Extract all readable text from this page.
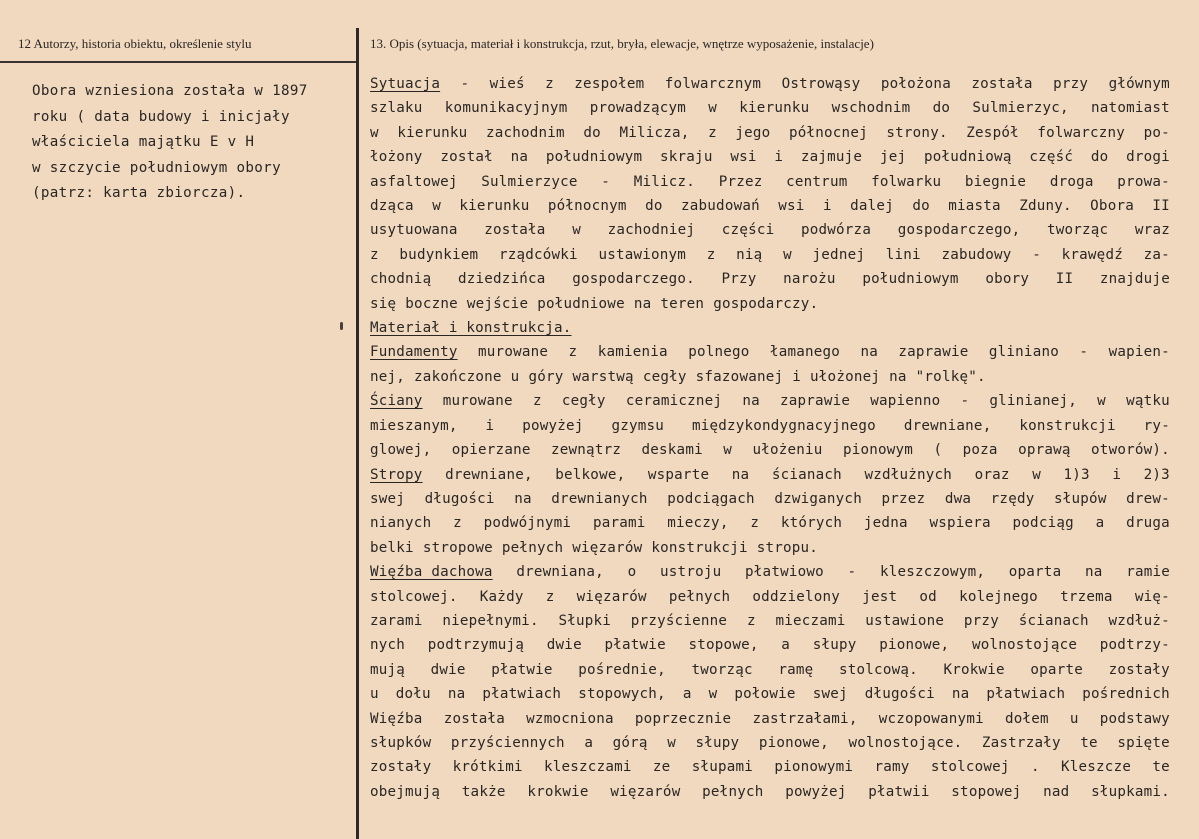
12 Autorzy, historia obiektu, określenie stylu	13. Opis (sytuacja, materiał i konstrukcja, rzut, bryła, elewacje, wnętrze wyposażenie, instalacje)
Obora wzniesiona została w 1897
roku ( data budowy i inicjały
właściciela majątku E v H
w szczycie południowym obory
(patrz: karta zbiorcza).
Sytuacja - wieś z zespołem folwarcznym Ostrowąsy położona została przy głównym
szlaku komunikacyjnym prowadzącym w kierunku wschodnim do Sulmierzyc, natomiast
w kierunku zachodnim do Milicza, z jego północnej strony. Zespół folwarczny po-
łożony został na południowym skraju wsi i zajmuje jej południową część do drogi
asfaltowej Sulmierzyce - Milicz. Przez centrum folwarku biegnie droga prowa-
dząca w kierunku północnym do zabudowań wsi i dalej do miasta Zduny. Obora II
usytuowana została w zachodniej części podwórza gospodarczego, tworząc wraz
z budynkiem rządcówki ustawionym z nią w jednej lini zabudowy - krawędź za-
chodnią dziedzińca gospodarczego. Przy narożu południowym obory II znajduje
się boczne wejście południowe na teren gospodarczy.
Materiał i konstrukcja.
Fundamenty murowane z kamienia polnego łamanego na zaprawie gliniano - wapien-
nej, zakończone u góry warstwą cegły sfazowanej i ułożonej na "rolkę".
Ściany murowane z cegły ceramicznej na zaprawie wapienno - glinianej, w wątku
mieszanym, i powyżej gzymsu międzykondygnacyjnego drewniane, konstrukcji ry-
glowej, opierzane zewnątrz deskami w ułożeniu pionowym ( poza oprawą otworów).
Stropy drewniane, belkowe, wsparte na ścianach wzdłużnych oraz w 1)3 i 2)3
swej długości na drewnianych podciągach dzwiganych przez dwa rzędy słupów drew-
nianych z podwójnymi parami mieczy, z których jedna wspiera podciąg a druga
belki stropowe pełnych więzarów konstrukcji stropu.
Więźba dachowa drewniana, o ustroju płatwiowo - kleszczowym, oparta na ramie
stolcowej. Każdy z więzarów pełnych oddzielony jest od kolejnego trzema wię-
zarami niepełnymi. Słupki przyścienne z mieczami ustawione przy ścianach wzdłuż-
nych podtrzymują dwie płatwie stopowe, a słupy pionowe, wolnostojące podtrzy-
mują dwie płatwie pośrednie, tworząc ramę stolcową. Krokwie oparte zostały
u dołu na płatwiach stopowych, a w połowie swej długości na płatwiach pośrednich
Więźba została wzmocniona poprzecznie zastrzałami, wczopowanymi dołem u podstawy
słupków przyściennych a górą w słupy pionowe, wolnostojące. Zastrzały te spięte
zostały krótkimi kleszczami ze słupami pionowymi ramy stolcowej . Kleszcze te
obejmują także krokwie więzarów pełnych powyżej płatwii stopowej nad słupkami.
